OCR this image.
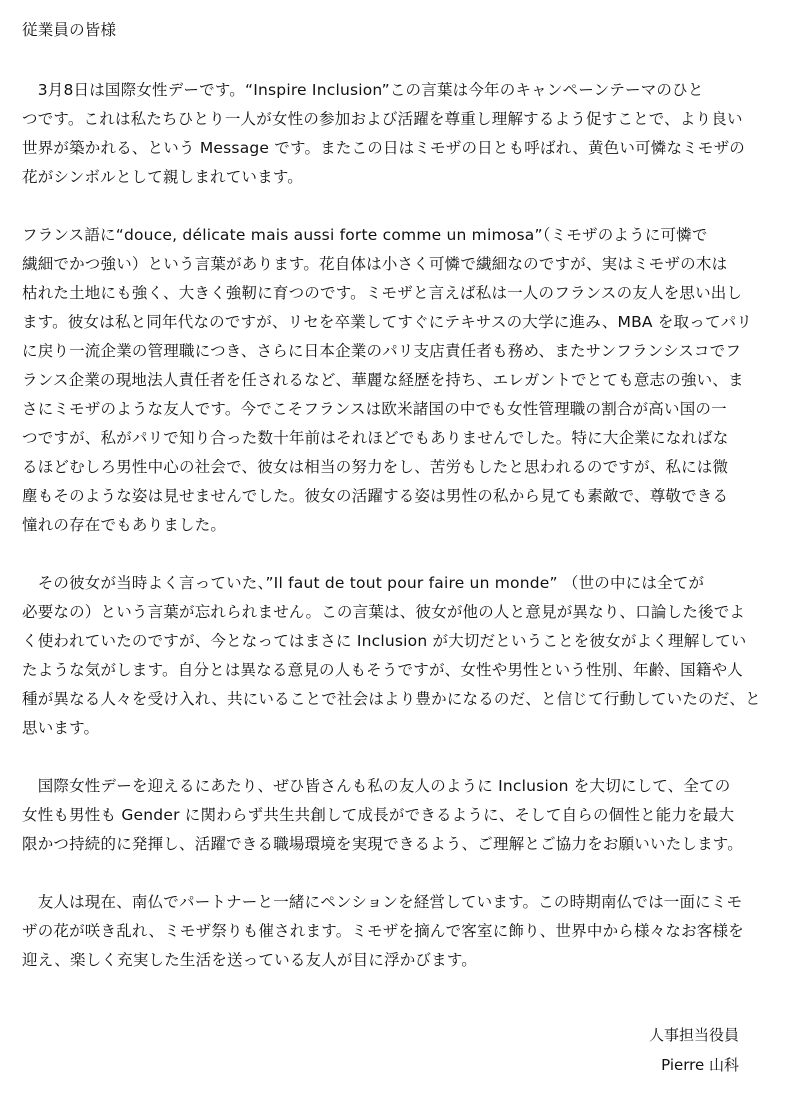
従業員の皆様
　3月8日は国際女性デーです。“Inspire Inclusion”この言葉は今年のキャンペーンテーマのひと
つです。これは私たちひとり一人が女性の参加および活躍を尊重し理解するよう促すことで、より良い
世界が築かれる、という Message です。またこの日はミモザの日とも呼ばれ、黄色い可憐なミモザの
花がシンボルとして親しまれています。
フランス語に“douce, délicate mais aussi forte comme un mimosa”（ミモザのように可憐で
繊細でかつ強い）という言葉があります。花自体は小さく可憐で繊細なのですが、実はミモザの木は
枯れた土地にも強く、大きく強靭に育つのです。ミモザと言えば私は一人のフランスの友人を思い出し
ます。彼女は私と同年代なのですが、リセを卒業してすぐにテキサスの大学に進み、MBA を取ってパリ
に戻り一流企業の管理職につき、さらに日本企業のパリ支店責任者も務め、またサンフランシスコでフ
ランス企業の現地法人責任者を任されるなど、華麗な経歴を持ち、エレガントでとても意志の強い、ま
さにミモザのような友人です。今でこそフランスは欧米諸国の中でも女性管理職の割合が高い国の一
つですが、私がパリで知り合った数十年前はそれほどでもありませんでした。特に大企業になればな
るほどむしろ男性中心の社会で、彼女は相当の努力をし、苦労もしたと思われるのですが、私には微
塵もそのような姿は見せませんでした。彼女の活躍する姿は男性の私から見ても素敵で、尊敬できる
憧れの存在でもありました。
　その彼女が当時よく言っていた、”Il faut de tout pour faire un monde” （世の中には全てが
必要なの）という言葉が忘れられません。この言葉は、彼女が他の人と意見が異なり、口論した後でよ
く使われていたのですが、今となってはまさに Inclusion が大切だということを彼女がよく理解してい
たような気がします。自分とは異なる意見の人もそうですが、女性や男性という性別、年齢、国籍や人
種が異なる人々を受け入れ、共にいることで社会はより豊かになるのだ、と信じて行動していたのだ、と
思います。
　国際女性デーを迎えるにあたり、ぜひ皆さんも私の友人のように Inclusion を大切にして、全ての
女性も男性も Gender に関わらず共生共創して成長ができるように、そして自らの個性と能力を最大
限かつ持続的に発揮し、活躍できる職場環境を実現できるよう、ご理解とご協力をお願いいたします。
　友人は現在、南仏でパートナーと一緒にペンションを経営しています。この時期南仏では一面にミモ
ザの花が咲き乱れ、ミモザ祭りも催されます。ミモザを摘んで客室に飾り、世界中から様々なお客様を
迎え、楽しく充実した生活を送っている友人が目に浮かびます。
人事担当役員
Pierre 山科
